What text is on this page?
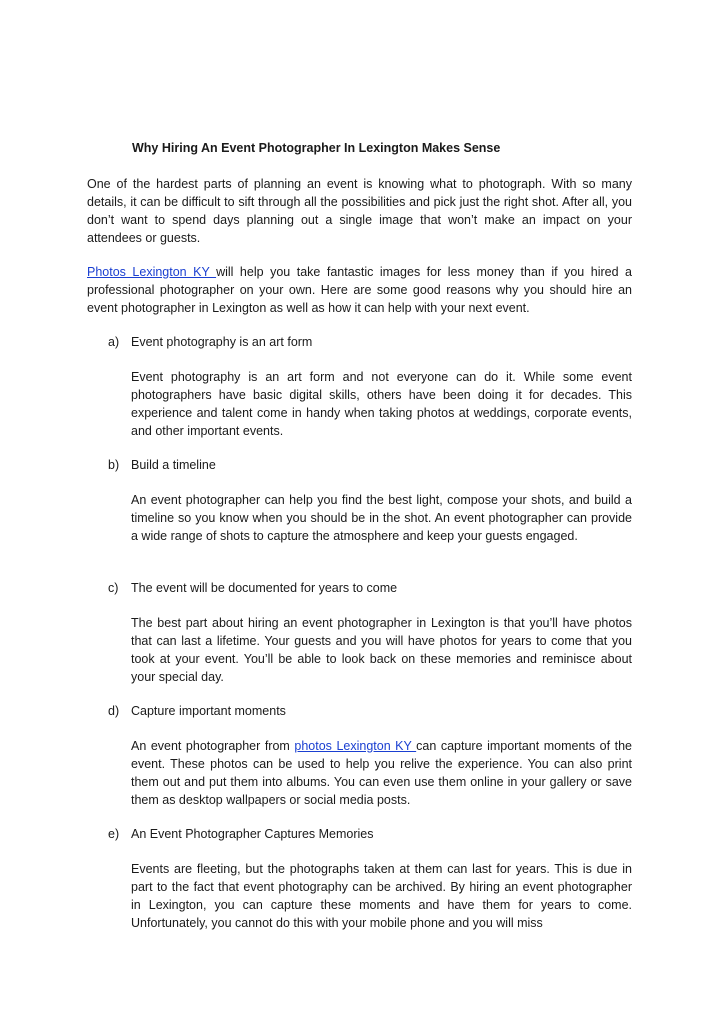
Why Hiring An Event Photographer In Lexington Makes Sense
One of the hardest parts of planning an event is knowing what to photograph. With so many details, it can be difficult to sift through all the possibilities and pick just the right shot. After all, you don’t want to spend days planning out a single image that won’t make an impact on your attendees or guests.
Photos Lexington KY will help you take fantastic images for less money than if you hired a professional photographer on your own. Here are some good reasons why you should hire an event photographer in Lexington as well as how it can help with your next event.
a) Event photography is an art form
Event photography is an art form and not everyone can do it. While some event photographers have basic digital skills, others have been doing it for decades. This experience and talent come in handy when taking photos at weddings, corporate events, and other important events.
b) Build a timeline
An event photographer can help you find the best light, compose your shots, and build a timeline so you know when you should be in the shot. An event photographer can provide a wide range of shots to capture the atmosphere and keep your guests engaged.
c) The event will be documented for years to come
The best part about hiring an event photographer in Lexington is that you’ll have photos that can last a lifetime. Your guests and you will have photos for years to come that you took at your event. You’ll be able to look back on these memories and reminisce about your special day.
d) Capture important moments
An event photographer from photos Lexington KY can capture important moments of the event. These photos can be used to help you relive the experience. You can also print them out and put them into albums. You can even use them online in your gallery or save them as desktop wallpapers or social media posts.
e) An Event Photographer Captures Memories
Events are fleeting, but the photographs taken at them can last for years. This is due in part to the fact that event photography can be archived. By hiring an event photographer in Lexington, you can capture these moments and have them for years to come. Unfortunately, you cannot do this with your mobile phone and you will miss
